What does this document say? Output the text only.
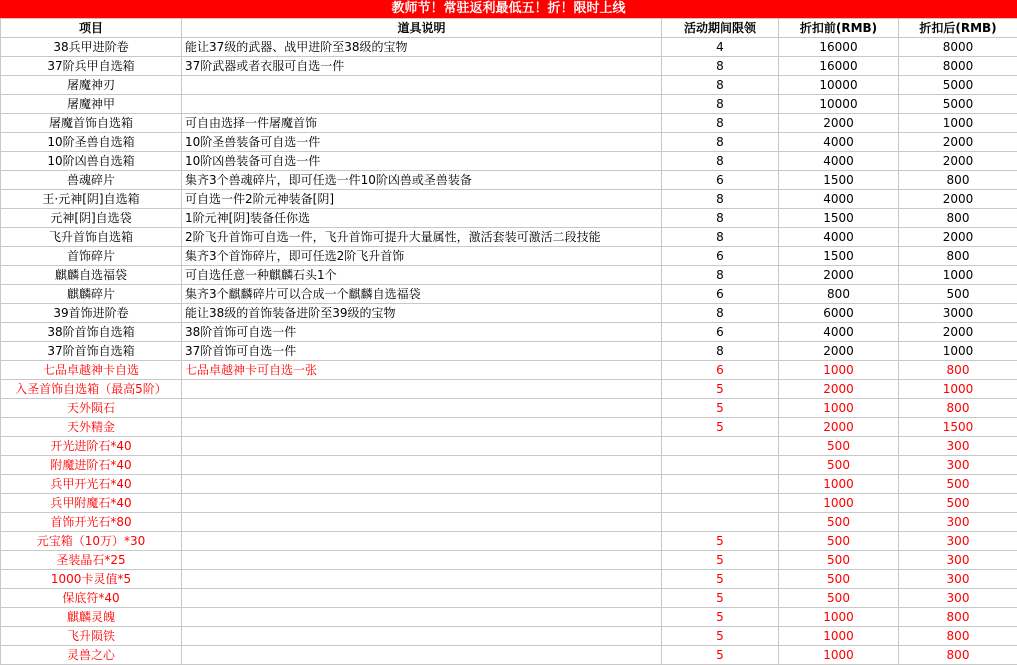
教师节！常驻返利最低五！折！限时上线
项目	道具说明	活动期间限领	折扣前(RMB)	折扣后(RMB)
38兵甲进阶卷	能让37级的武器、战甲进阶至38级的宝物	4	16000	8000
37阶兵甲自选箱	37阶武器或者衣服可自选一件	8	16000	8000
屠魔神刃		8	10000	5000
屠魔神甲		8	10000	5000
屠魔首饰自选箱	可自由选择一件屠魔首饰	8	2000	1000
10阶圣兽自选箱	10阶圣兽装备可自选一件	8	4000	2000
10阶凶兽自选箱	10阶凶兽装备可自选一件	8	4000	2000
兽魂碎片	集齐3个兽魂碎片，即可任选一件10阶凶兽或圣兽装备	6	1500	800
王·元神[阴]自选箱	可自选一件2阶元神装备[阴]	8	4000	2000
元神[阴]自选袋	1阶元神[阴]装备任你选	8	1500	800
飞升首饰自选箱	2阶飞升首饰可自选一件，飞升首饰可提升大量属性，激活套装可激活二段技能	8	4000	2000
首饰碎片	集齐3个首饰碎片，即可任选2阶飞升首饰	6	1500	800
麒麟自选福袋	可自选任意一种麒麟石头1个	8	2000	1000
麒麟碎片	集齐3个麒麟碎片可以合成一个麒麟自选福袋	6	800	500
39首饰进阶卷	能让38级的首饰装备进阶至39级的宝物	8	6000	3000
38阶首饰自选箱	38阶首饰可自选一件	6	4000	2000
37阶首饰自选箱	37阶首饰可自选一件	8	2000	1000
七品卓越神卡自选	七品卓越神卡可自选一张	6	1000	800
入圣首饰自选箱（最高5阶）		5	2000	1000
天外陨石		5	1000	800
天外精金		5	2000	1500
开光进阶石*40			500	300
附魔进阶石*40			500	300
兵甲开光石*40			1000	500
兵甲附魔石*40			1000	500
首饰开光石*80			500	300
元宝箱（10万）*30		5	500	300
圣装晶石*25		5	500	300
1000卡灵值*5		5	500	300
保底符*40		5	500	300
麒麟灵魄		5	1000	800
飞升陨铁		5	1000	800
灵兽之心		5	1000	800
